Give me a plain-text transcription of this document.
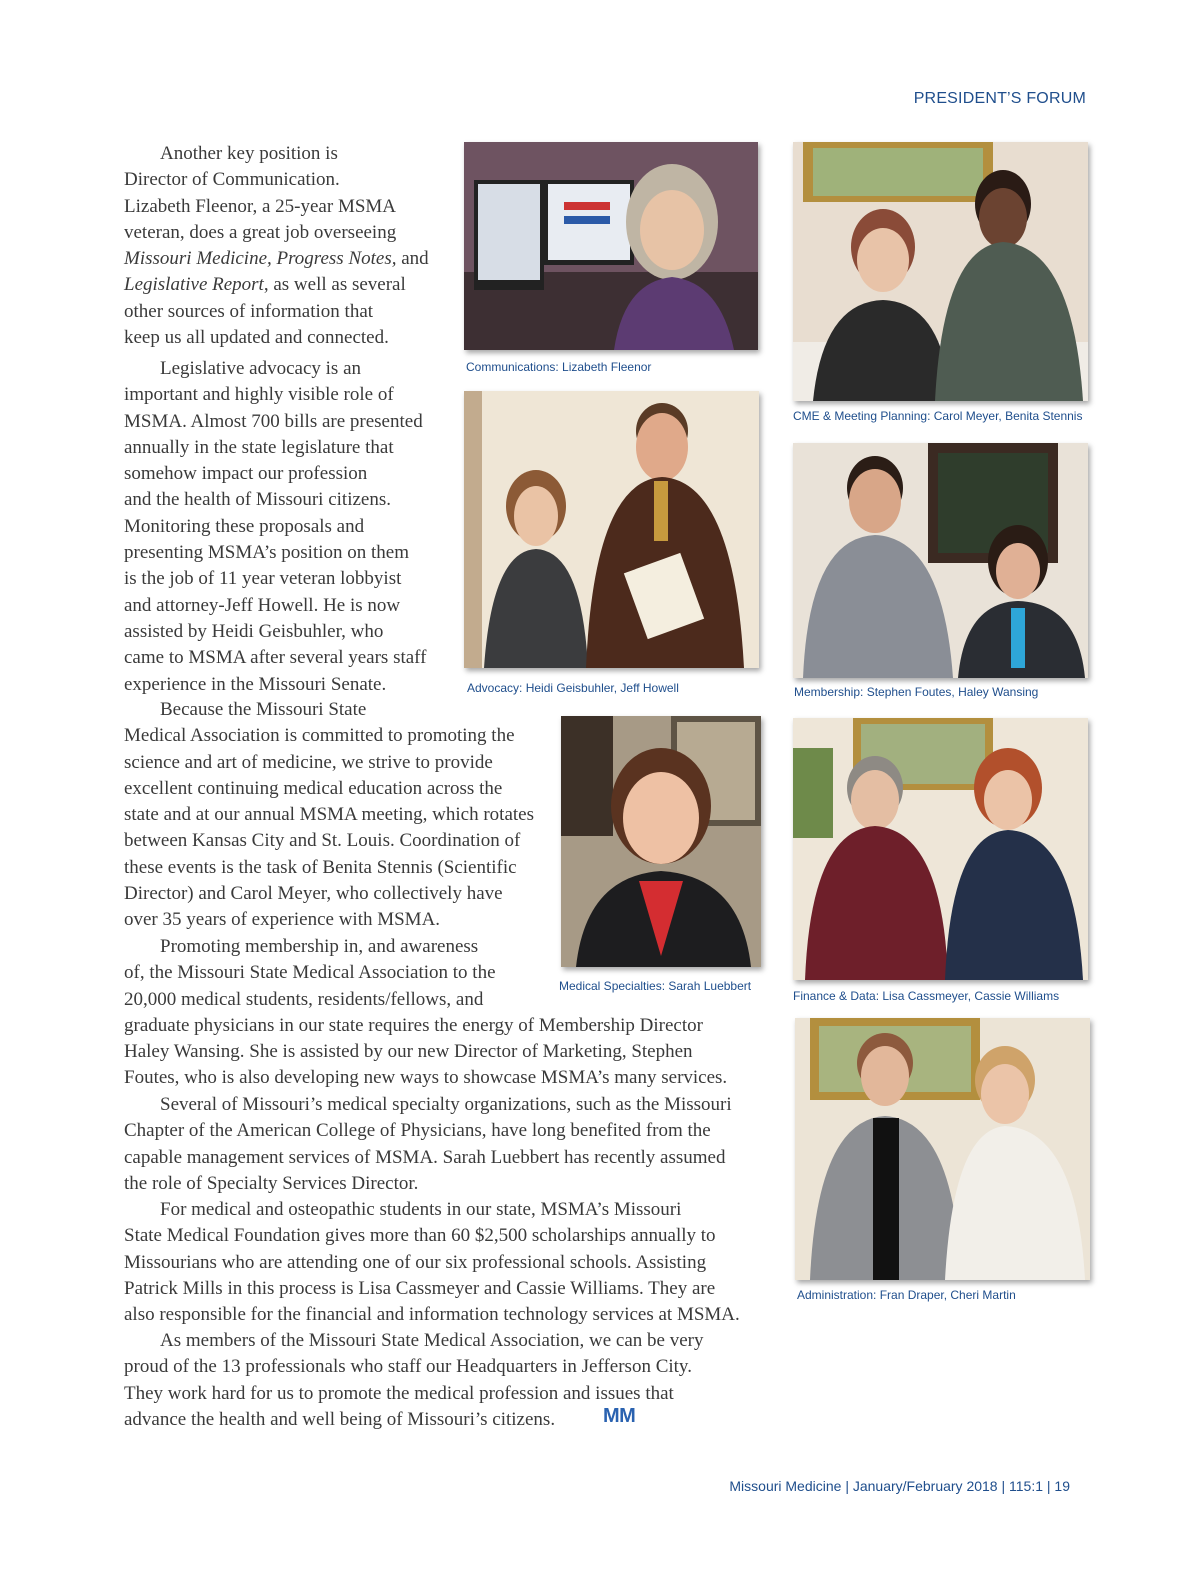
PRESIDENT’S FORUM
Communications: Lizabeth Fleenor
CME & Meeting Planning: Carol Meyer, Benita Stennis
Advocacy: Heidi Geisbuhler, Jeff Howell	Membership: Stephen Foutes, Haley Wansing
Medical Specialties: Sarah Luebbert
Finance & Data: Lisa Cassmeyer, Cassie Williams
Administration: Fran Draper, Cheri Martin

Another key position is
Director of Communication.
Lizabeth Fleenor, a 25-year MSMA
veteran, does a great job overseeing
Missouri Medicine, Progress Notes, and
Legislative Report, as well as several
other sources of information that
keep us all updated and connected.

Legislative advocacy is an
important and highly visible role of
MSMA. Almost 700 bills are presented
annually in the state legislature that
somehow impact our profession
and the health of Missouri citizens.
Monitoring these proposals and
presenting MSMA’s position on them
is the job of 11 year veteran lobbyist
and attorney-Jeff Howell. He is now
assisted by Heidi Geisbuhler, who
came to MSMA after several years staff
experience in the Missouri Senate.

Because the Missouri State
Medical Association is committed to promoting the
science and art of medicine, we strive to provide
excellent continuing medical education across the
state and at our annual MSMA meeting, which rotates
between Kansas City and St. Louis. Coordination of
these events is the task of Benita Stennis (Scientific
Director) and Carol Meyer, who collectively have
over 35 years of experience with MSMA.

Promoting membership in, and awareness
of, the Missouri State Medical Association to the
20,000 medical students, residents/fellows, and
graduate physicians in our state requires the energy of Membership Director
Haley Wansing. She is assisted by our new Director of Marketing, Stephen
Foutes, who is also developing new ways to showcase MSMA’s many services.

Several of Missouri’s medical specialty organizations, such as the Missouri
Chapter of the American College of Physicians, have long benefited from the
capable management services of MSMA. Sarah Luebbert has recently assumed
the role of Specialty Services Director.

For medical and osteopathic students in our state, MSMA’s Missouri
State Medical Foundation gives more than 60 $2,500 scholarships annually to
Missourians who are attending one of our six professional schools. Assisting
Patrick Mills in this process is Lisa Cassmeyer and Cassie Williams. They are
also responsible for the financial and information technology services at MSMA.

As members of the Missouri State Medical Association, we can be very
proud of the 13 professionals who staff our Headquarters in Jefferson City.
They work hard for us to promote the medical profession and issues that
advance the health and well being of Missouri’s citizens.	MM
Missouri Medicine | January/February 2018 | 115:1 | 19
